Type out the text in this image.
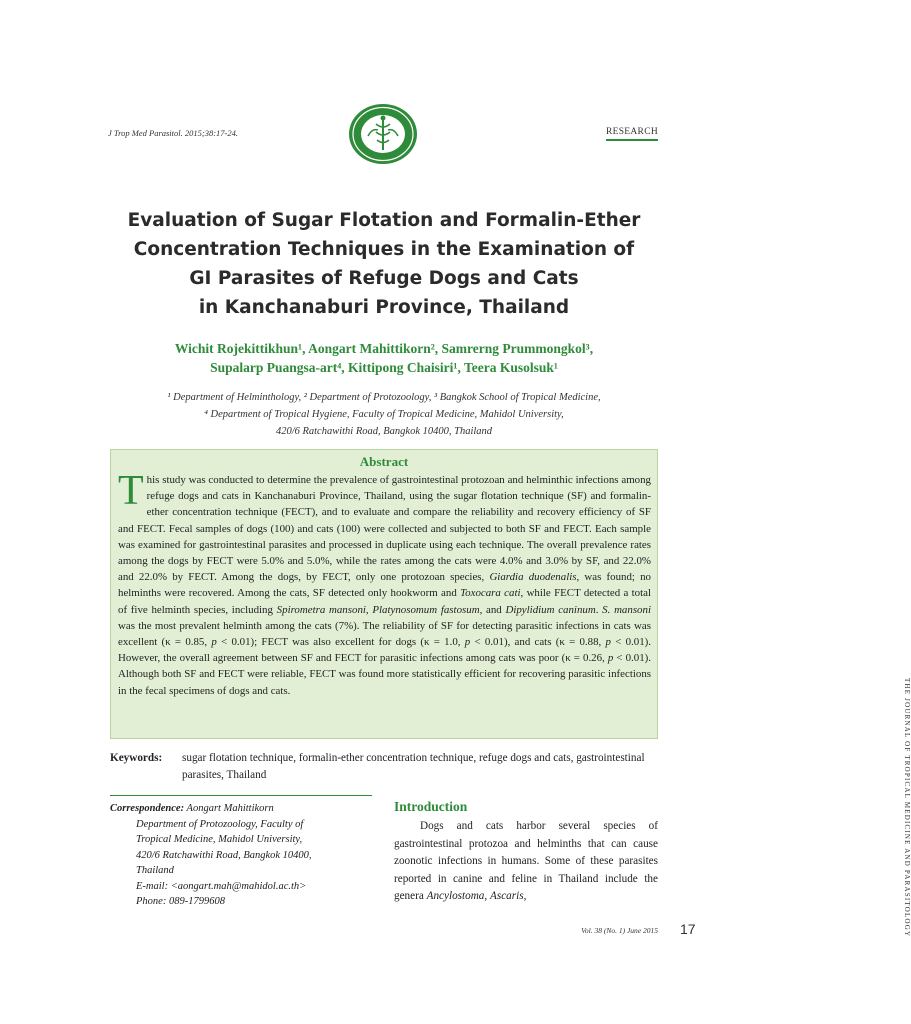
J Trop Med Parasitol. 2015;38:17-24.	RESEARCH
Evaluation of Sugar Flotation and Formalin-Ether
Concentration Techniques in the Examination of
GI Parasites of Refuge Dogs and Cats
in Kanchanaburi Province, Thailand
Wichit Rojekittikhun¹, Aongart Mahittikorn², Samrerng Prummongkol³,
Supalarp Puangsa-art⁴, Kittipong Chaisiri¹, Teera Kusolsuk¹
¹ Department of Helminthology, ² Department of Protozoology, ³ Bangkok School of Tropical Medicine,
⁴ Department of Tropical Hygiene, Faculty of Tropical Medicine, Mahidol University,
420/6 Ratchawithi Road, Bangkok 10400, Thailand
Abstract
This study was conducted to determine the prevalence of gastrointestinal protozoan and helminthic infections among refuge dogs and cats in Kanchanaburi Province, Thailand, using the sugar flotation technique (SF) and formalin-ether concentration technique (FECT), and to evaluate and compare the reliability and recovery efficiency of SF and FECT. Fecal samples of dogs (100) and cats (100) were collected and subjected to both SF and FECT. Each sample was examined for gastrointestinal parasites and processed in duplicate using each technique. The overall prevalence rates among the dogs by FECT were 5.0% and 5.0%, while the rates among the cats were 4.0% and 3.0% by SF, and 22.0% and 22.0% by FECT. Among the dogs, by FECT, only one protozoan species, Giardia duodenalis, was found; no helminths were recovered. Among the cats, SF detected only hookworm and Toxocara cati, while FECT detected a total of five helminth species, including Spirometra mansoni, Platynosomum fastosum, and Dipylidium caninum. S. mansoni was the most prevalent helminth among the cats (7%). The reliability of SF for detecting parasitic infections in cats was excellent (κ = 0.85, p < 0.01); FECT was also excellent for dogs (κ = 1.0, p < 0.01), and cats (κ = 0.88, p < 0.01). However, the overall agreement between SF and FECT for parasitic infections among cats was poor (κ = 0.26, p < 0.01). Although both SF and FECT were reliable, FECT was found more statistically efficient for recovering parasitic infections in the fecal specimens of dogs and cats.
Keywords: sugar flotation technique, formalin-ether concentration technique, refuge dogs and cats, gastrointestinal parasites, Thailand
Correspondence: Aongart Mahittikorn
Department of Protozoology, Faculty of
Tropical Medicine, Mahidol University,
420/6 Ratchawithi Road, Bangkok 10400,
Thailand
E-mail: <aongart.mah@mahidol.ac.th>
Phone: 089-1799608
Introduction
Dogs and cats harbor several species of gastrointestinal protozoa and helminths that can cause zoonotic infections in humans. Some of these parasites reported in canine and feline in Thailand include the genera Ancylostoma, Ascaris,	THE JOURNAL OF TROPICAL MEDICINE AND PARASITOLOGY
Vol. 38 (No. 1) June 2015 17
